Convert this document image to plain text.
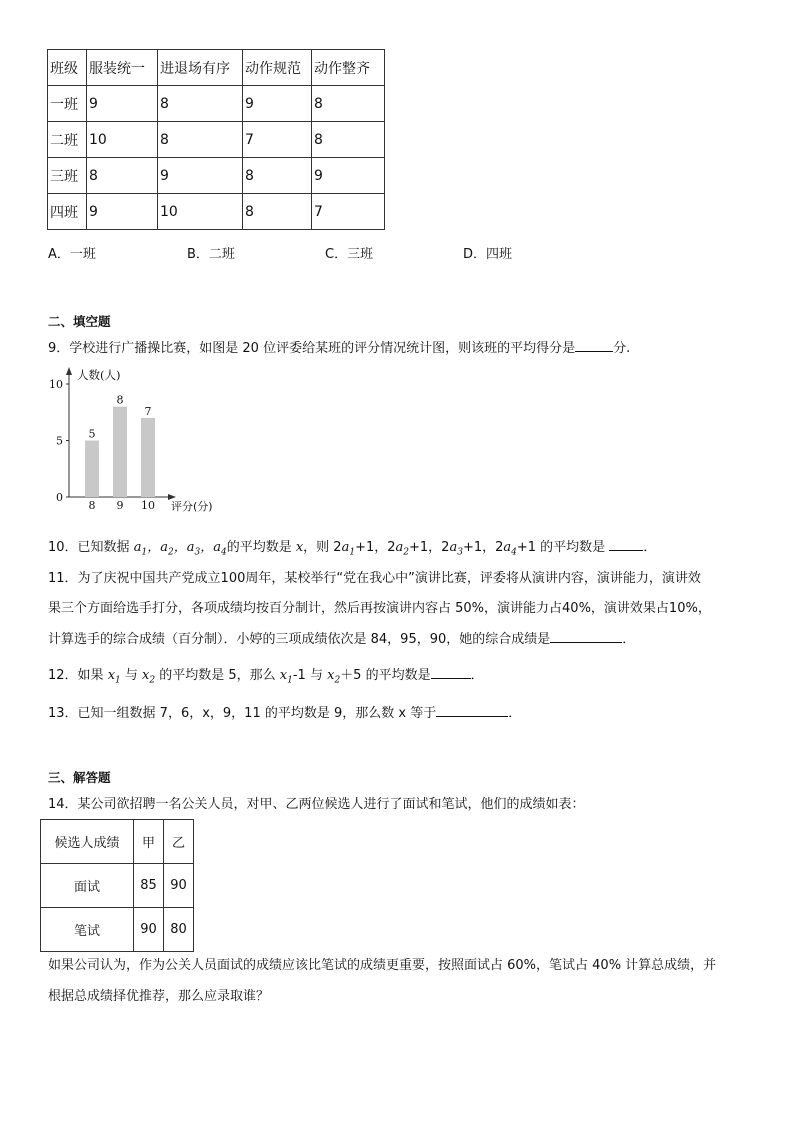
班级	服装统一	进退场有序	动作规范	动作整齐
一班	9	8	9	8
二班	10	8	7	8
三班	8	9	8	9
四班	9	10	8	7
A．一班	B．二班	C．三班	D．四班
二、填空题
9．学校进行广播操比赛，如图是 20 位评委给某班的评分情况统计图，则该班的平均得分是	分.
人数(人)
评分(分)
0
5
10
5
8
8
9
7
10
10．已知数据 $a_1$，$a_2$，$a_3$，$a_4$的平均数是 x，则 $2a_1+1$，$2a_2+1$，$2a_3+1$，$2a_4+1$ 的平均数是	．
11．为了庆祝中国共产党成立100周年，某校举行“党在我心中”演讲比赛，评委将从演讲内容，演讲能力，演讲效
果三个方面给选手打分，各项成绩均按百分制计，然后再按演讲内容占 50%，演讲能力占40%，演讲效果占10%，
计算选手的综合成绩（百分制）．小婷的三项成绩依次是 84，95，90，她的综合成绩是	．
12．如果 $x_1$ 与 $x_2$ 的平均数是 5，那么 $x_1-1$ 与 $x_2+5$ 的平均数是	．
13．已知一组数据 7，6，x，9，11 的平均数是 9，那么数 x 等于	．
三、解答题
14．某公司欲招聘一名公关人员，对甲、乙两位候选人进行了面试和笔试，他们的成绩如表：
候选人成绩	甲	乙
面试	85	90
笔试	90	80
如果公司认为，作为公关人员面试的成绩应该比笔试的成绩更重要，按照面试占 60%，笔试占 40% 计算总成绩，并
根据总成绩择优推荐，那么应录取谁？
